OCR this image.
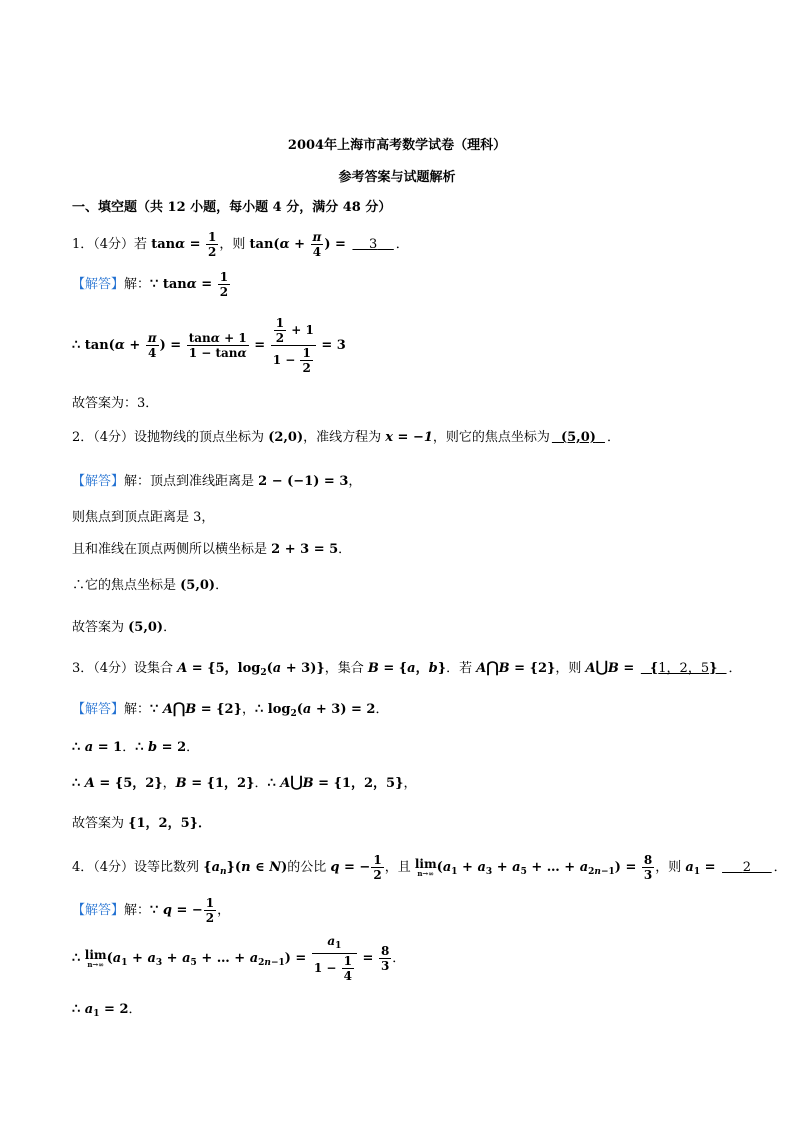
2004年上海市高考数学试卷（理科）
参考答案与试题解析
一、填空题（共 12 小题，每小题 4 分，满分 48 分）
1．（4分）若 $\tan\alpha = \frac{1}{2}$ ，则 $\tan(\alpha + \frac{\pi}{4}$ ) =     3 ．
【解答】解：∵ $\tan\alpha = \frac{1}{2}$
∴ $\tan(\alpha + \frac{\pi}{4}$ ) = $\frac{\tan\alpha + 1}{1 - \tan\alpha} = \frac{\frac{1}{2} + 1}{1 - \frac{1}{2}} = 3$
故答案为：3．
2．（4分）设抛物线的顶点坐标为 (2,0)，准线方程为 x = −1，则它的焦点坐标为 (5,0) ．
【解答】解：顶点到准线距离是 2 − (−1) = 3，
则焦点到顶点距离是 3，
且和准线在顶点两侧所以横坐标是 2 + 3 = 5．
∴它的焦点坐标是 (5,0)．
故答案为 (5,0)．
3．（4分）设集合 A = {5，$\log_2(a + 3)$}，集合 B = {a，b}．若 A⋂B = {2}，则 A⋃B =   {1，2，5}  ．
【解答】解：∵ A⋂B = {2}，∴ $\log_2(a + 3) = 2$．
∴ a = 1．∴ b = 2．
∴ A = {5，2}，B = {1，2}．∴ A⋃B = {1，2，5}，
故答案为 {1，2，5}．
4．（4分）设等比数列 $\{a_n\}(n$ ∈ N)的公比 q = − $\frac{1}{2}$ ，且 lim
n→∞ ($a_1 + a_3 + a_5$ + … + $a_{2n-1}) = \frac{8}{3}$ ，则 $a_1$ =      2 ．
【解答】解：∵ q = − $\frac{1}{2}$ ，
∴ lim
n→∞ ($a_1 + a_3 + a_5$ + … + $a_{2n-1}) = \frac{a_1}{1 - \frac{1}{4}} = \frac{8}{3}$ ．
∴ $a_1 = 2$．
